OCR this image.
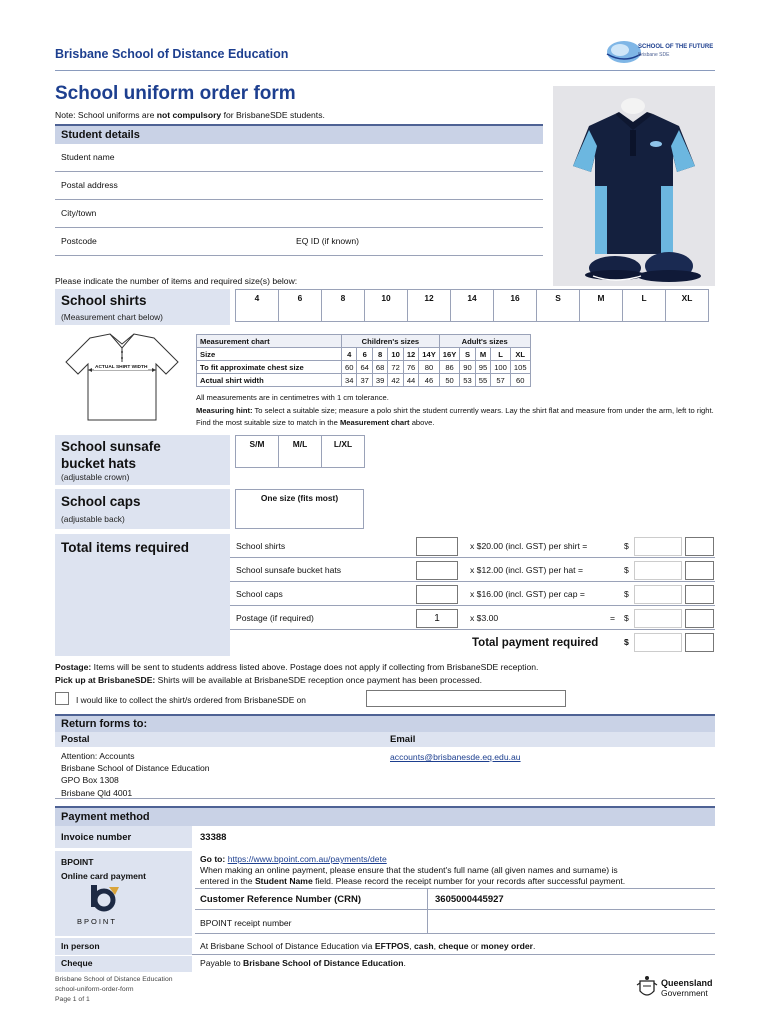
Brisbane School of Distance Education	SCHOOL OF THE FUTURE
Brisbane SDE
School uniform order form
Note: School uniforms are not compulsory for BrisbaneSDE students.
Student details
Student name
Postal address
City/town
Postcode	EQ ID (if known)
Please indicate the number of items and required size(s) below:
School shirts
(Measurement chart below)
4	6	8	10	12	14	16	S	M	L	XL
ACTUAL SHIRT WIDTH
Measurement chart	Children's sizes						Adult's sizes				
Size	4	6	8	10	12	14Y	16Y	S	M	L	XL
To fit approximate chest size	60	64	68	72	76	80	86	90	95	100	105
Actual shirt width	34	37	39	42	44	46	50	53	55	57	60
All measurements are in centimetres with 1 cm tolerance.
Measuring hint: To select a suitable size; measure a polo shirt the student currently wears. Lay the shirt flat and measure from under the arm, left to right. Find the most suitable size to match in the Measurement chart above.
School sunsafe
bucket hats
(adjustable crown)
S/M	M/L	L/XL
School caps
(adjustable back)
One size (fits most)
Total items required	School shirts	x $20.00 (incl. GST) per shirt =	$
School sunsafe bucket hats	x $12.00 (incl. GST) per hat =	$
School caps	x $16.00 (incl. GST) per cap =	$
Postage (if required)	1	x $3.00	= $
Total payment required	$
Postage: Items will be sent to students address listed above. Postage does not apply if collecting from BrisbaneSDE reception.
Pick up at BrisbaneSDE: Shirts will be available at BrisbaneSDE reception once payment has been processed.
I would like to collect the shirt/s ordered from BrisbaneSDE on
Return forms to:
Postal	Email
Attention: Accounts
Brisbane School of Distance Education
GPO Box 1308
Brisbane Qld 4001
accounts@brisbanesde.eq.edu.au
Payment method
Invoice number	33388
BPOINT
Online card payment
BPOINT
Go to: https://www.bpoint.com.au/payments/dete
When making an online payment, please ensure that the student's full name (all given names and surname) is
entered in the Student Name field. Please record the receipt number for your records after successful payment.
Customer Reference Number (CRN)	3605000445927
BPOINT receipt number
In person	At Brisbane School of Distance Education via EFTPOS, cash, cheque or money order.
Cheque	Payable to Brisbane School of Distance Education.
Brisbane School of Distance Education
school-uniform-order-form
Page 1 of 1
Queensland
Government
